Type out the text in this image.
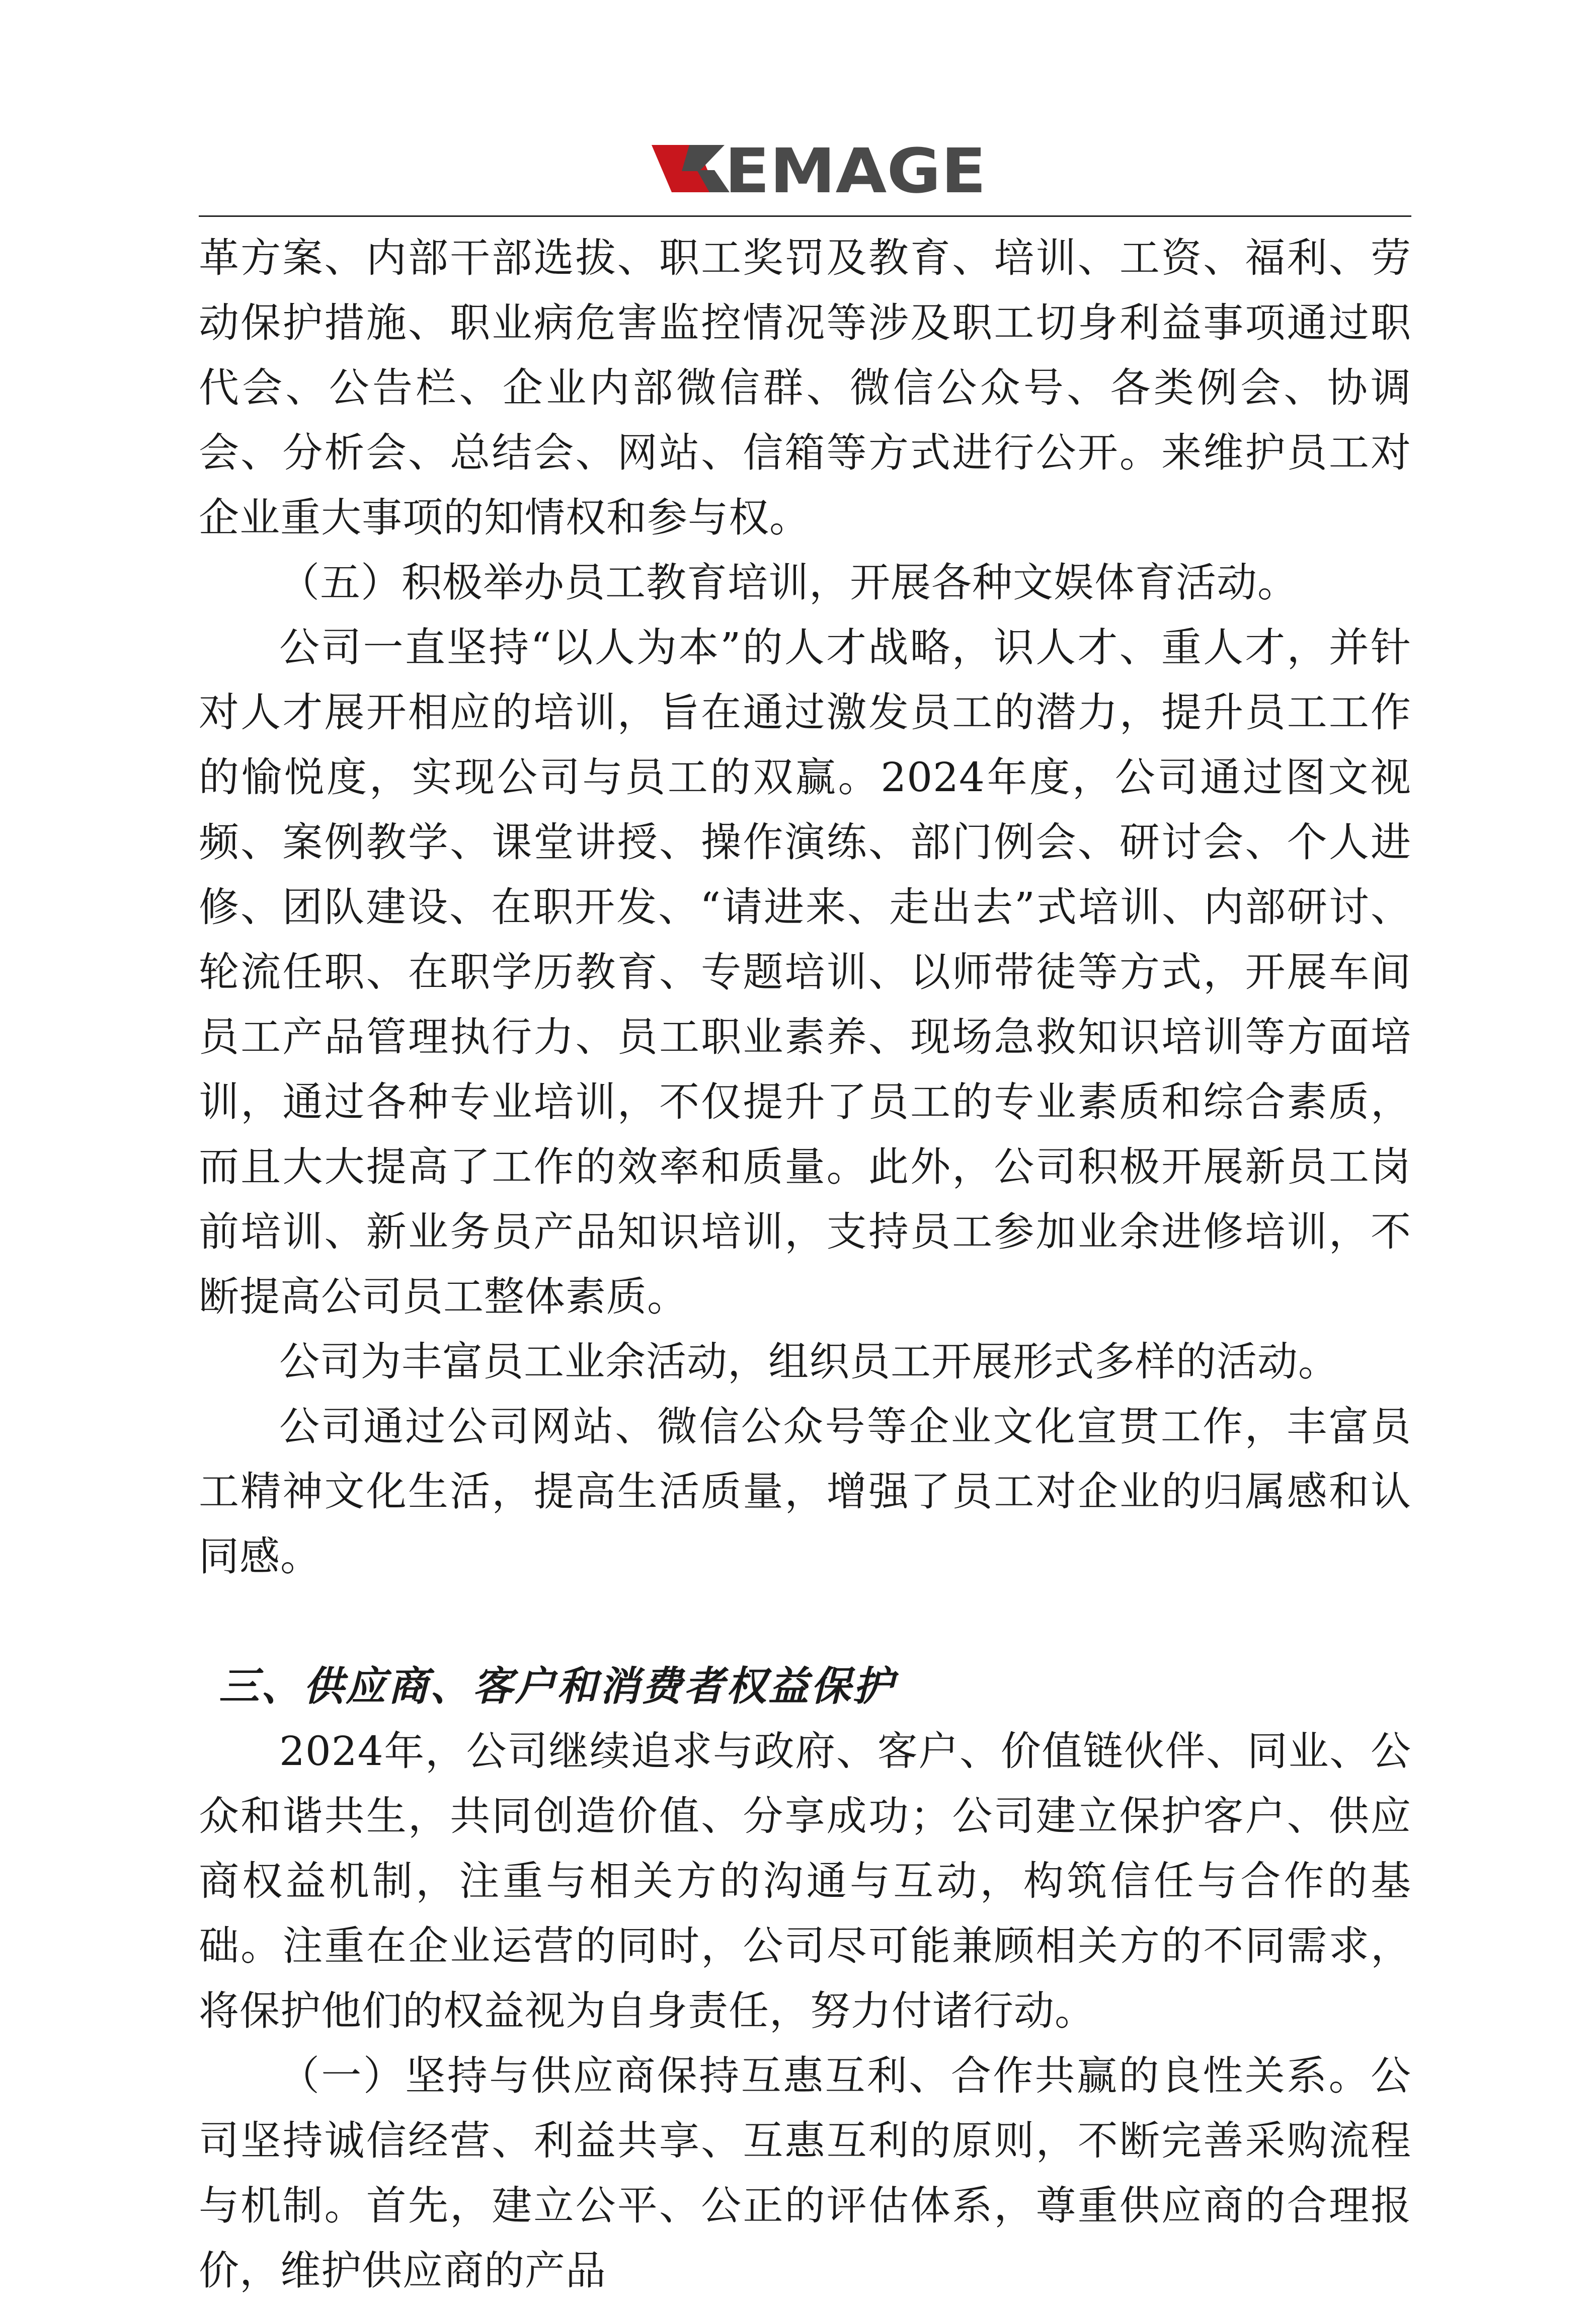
EMAGE

革方案、内部干部选拔、职工奖罚及教育、培训、工资、福利、劳动保护措施、职业病危害监控情况等涉及职工切身利益事项通过职代会、公告栏、企业内部微信群、微信公众号、各类例会、协调会、分析会、总结会、网站、信箱等方式进行公开。来维护员工对企业重大事项的知情权和参与权。

（五）积极举办员工教育培训，开展各种文娱体育活动。

公司一直坚持“以人为本”的人才战略，识人才、重人才，并针对人才展开相应的培训，旨在通过激发员工的潜力，提升员工工作的愉悦度，实现公司与员工的双赢。2024年度，公司通过图文视频、案例教学、课堂讲授、操作演练、部门例会、研讨会、个人进修、团队建设、在职开发、“请进来、走出去”式培训、内部研讨、轮流任职、在职学历教育、专题培训、以师带徒等方式，开展车间员工产品管理执行力、员工职业素养、现场急救知识培训等方面培训，通过各种专业培训，不仅提升了员工的专业素质和综合素质，而且大大提高了工作的效率和质量。此外，公司积极开展新员工岗前培训、新业务员产品知识培训，支持员工参加业余进修培训，不断提高公司员工整体素质。

公司为丰富员工业余活动，组织员工开展形式多样的活动。

公司通过公司网站、微信公众号等企业文化宣贯工作，丰富员工精神文化生活，提高生活质量，增强了员工对企业的归属感和认同感。

三、供应商、客户和消费者权益保护

2024年，公司继续追求与政府、客户、价值链伙伴、同业、公众和谐共生，共同创造价值、分享成功；公司建立保护客户、供应商权益机制，注重与相关方的沟通与互动，构筑信任与合作的基础。注重在企业运营的同时，公司尽可能兼顾相关方的不同需求，将保护他们的权益视为自身责任，努力付诸行动。

（一）坚持与供应商保持互惠互利、合作共赢的良性关系。公司坚持诚信经营、利益共享、互惠互利的原则，不断完善采购流程与机制。首先，建立公平、公正的评估体系，尊重供应商的合理报价，维护供应商的产品
